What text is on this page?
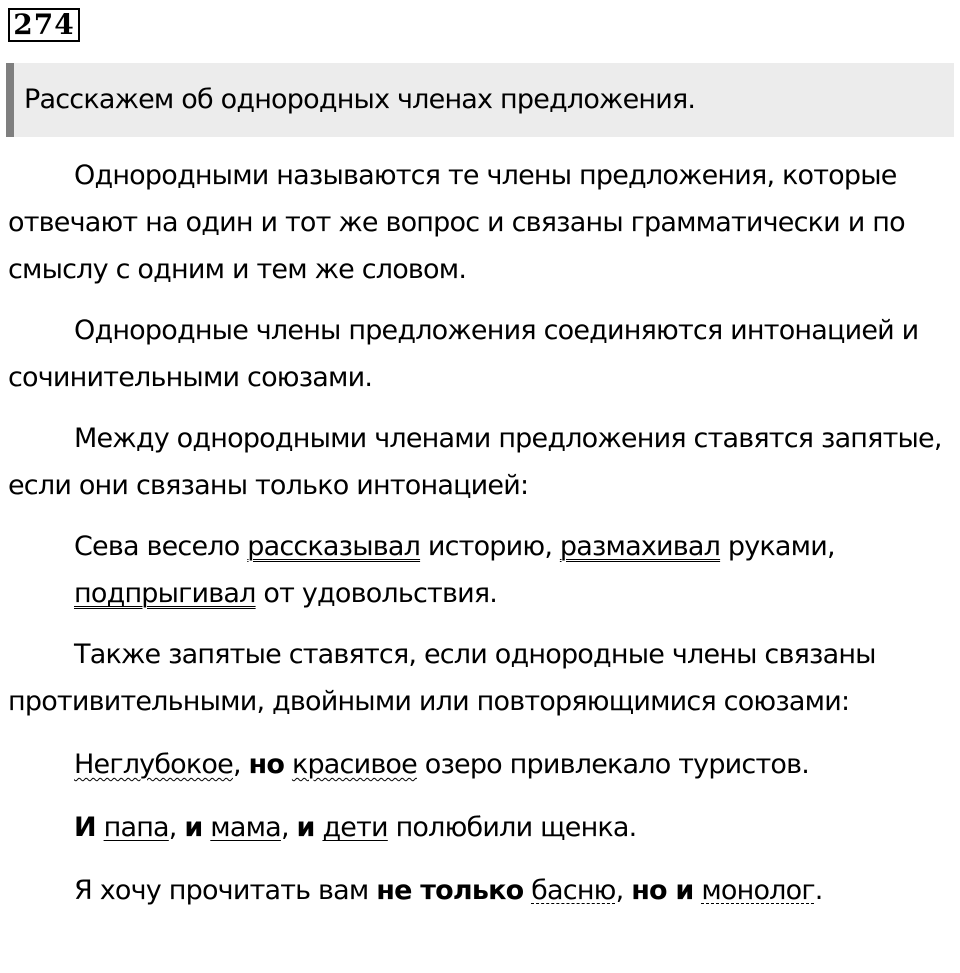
274
Расскажем об однородных членах предложения.

Однородными называются те члены предложения, которые отвечают на один и тот же вопрос и связаны грамматически и по смыслу с одним и тем же словом.

Однородные члены предложения соединяются интонацией и сочинительными союзами.

Между однородными членами предложения ставятся запятые, если они связаны только интонацией:

Сева весело рассказывал историю, размахивал руками, подпрыгивал от удовольствия.

Также запятые ставятся, если однородные члены связаны противительными, двойными или повторяющимися союзами:

Неглубокое, но красивое озеро привлекало туристов.

И папа, и мама, и дети полюбили щенка.

Я хочу прочитать вам не только басню, но и монолог.
